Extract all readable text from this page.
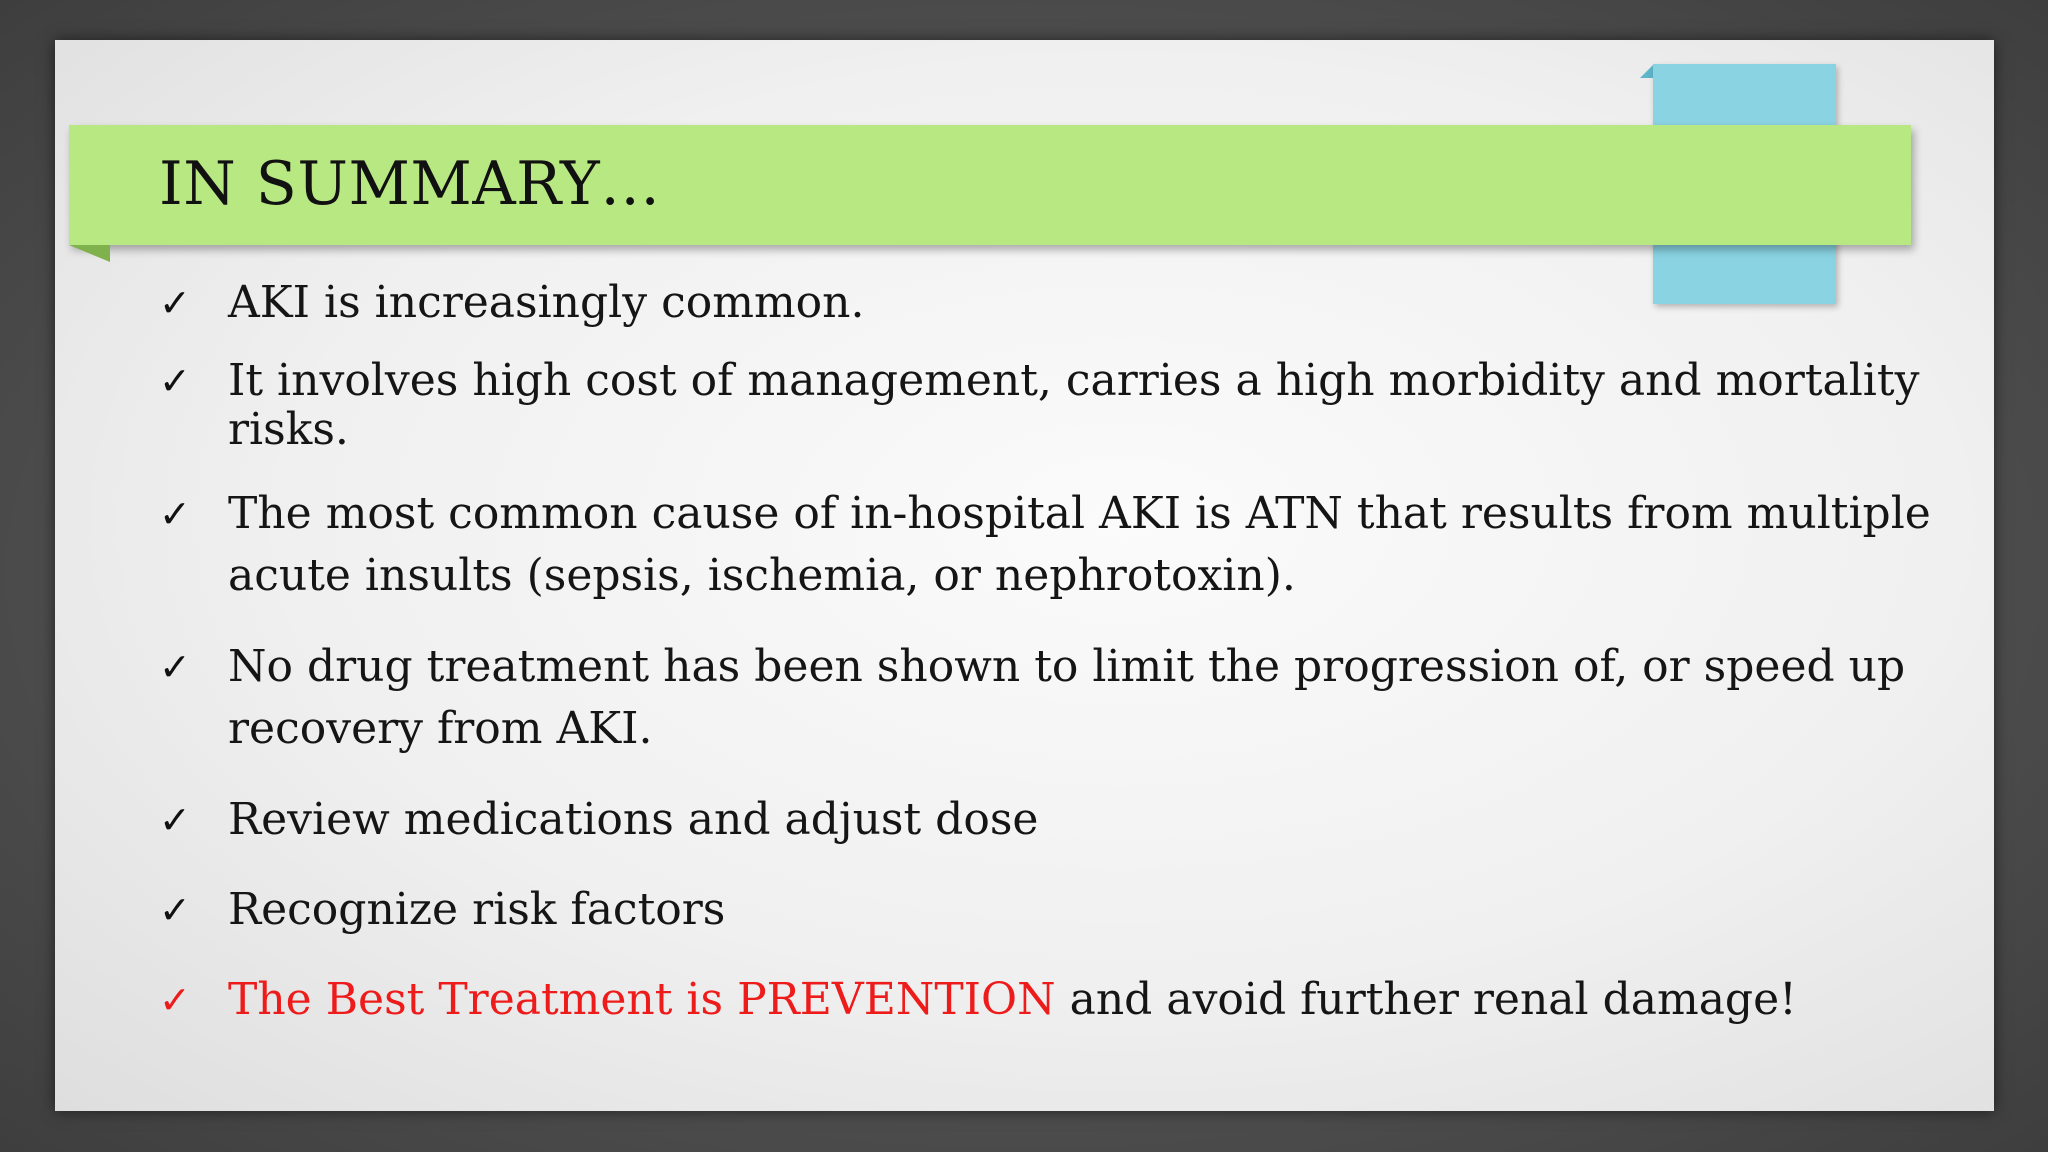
IN SUMMARY…
✓ AKI is increasingly common.
✓ It involves high cost of management, carries a high morbidity and mortality risks.
✓ The most common cause of in-hospital AKI is ATN that results from multiple acute insults (sepsis, ischemia, or nephrotoxin).
✓ No drug treatment has been shown to limit the progression of, or speed up recovery from AKI.
✓ Review medications and adjust dose
✓ Recognize risk factors
✓ The Best Treatment is PREVENTION and avoid further renal damage!
